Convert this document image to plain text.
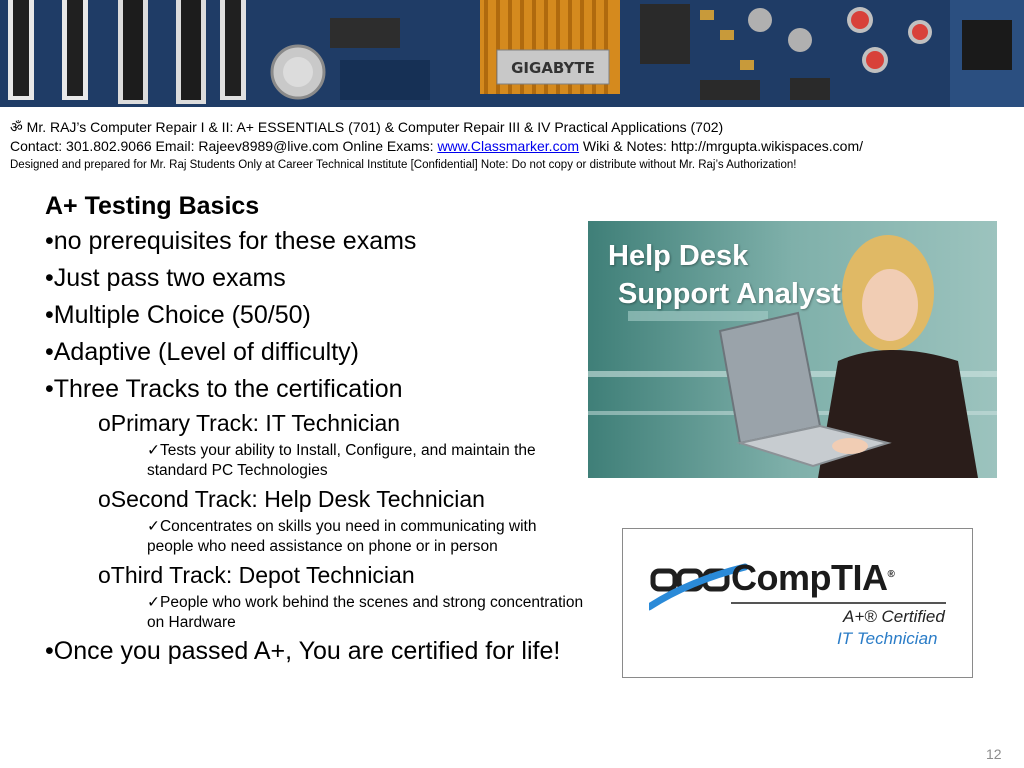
GIGABYTE
ॐ Mr. RAJ’s Computer Repair I & II: A+ ESSENTIALS (701) & Computer Repair III & IV Practical Applications (702)
Contact: 301.802.9066 Email: Rajeev8989@live.com Online Exams: www.Classmarker.com Wiki & Notes: http://mrgupta.wikispaces.com/
Designed and prepared for Mr. Raj Students Only at Career Technical Institute [Confidential] Note: Do not copy or distribute without Mr. Raj’s Authorization!

A+ Testing Basics

•no prerequisites for these exams

•Just pass two exams

•Multiple Choice (50/50)

•Adaptive (Level of difficulty)

•Three Tracks to the certification

oPrimary Track: IT Technician

✓Tests your ability to Install, Configure, and maintain the standard PC Technologies

oSecond Track: Help Desk Technician

✓Concentrates on skills you need in communicating with people who need assistance on phone or in person

oThird Track: Depot Technician

✓People who work behind the scenes and strong concentration on Hardware

•Once you passed A+, You are certified for life!

Help Desk
Support Analyst
CompTIA®
A+® Certified
IT Technician
12
